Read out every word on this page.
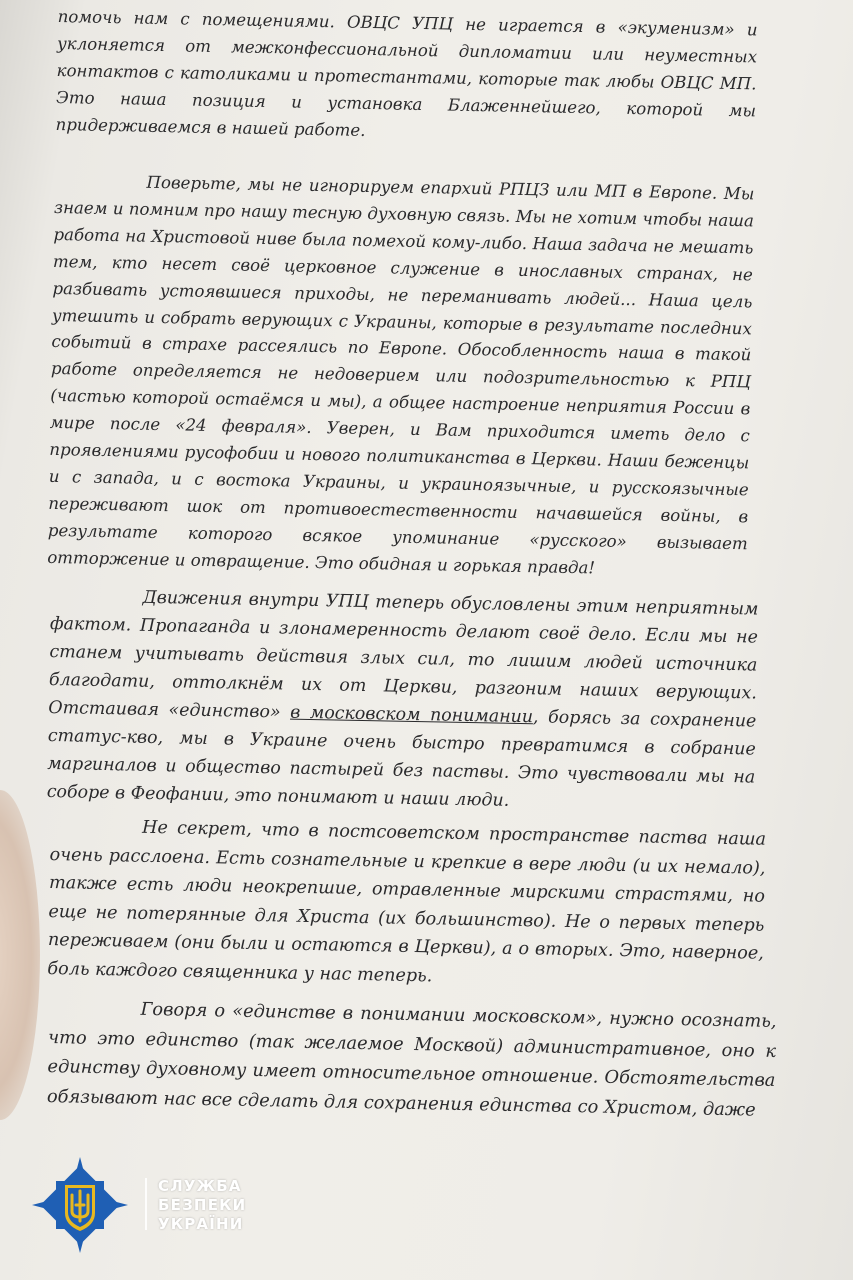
помочь нам с помещениями. ОВЦС УПЦ не играется в «экуменизм» и уклоняется от межконфессиональной дипломатии или неуместных контактов с католиками и протестантами, которые так любы ОВЦС МП. Это наша позиция и установка Блаженнейшего, которой мы придерживаемся в нашей работе.

Поверьте, мы не игнорируем епархий РПЦЗ или МП в Европе. Мы знаем и помним про нашу тесную духовную связь. Мы не хотим чтобы наша работа на Христовой ниве была помехой кому-либо. Наша задача не мешать тем, кто несет своё церковное служение в инославных странах, не разбивать устоявшиеся приходы, не переманивать людей... Наша цель утешить и собрать верующих с Украины, которые в результате последних событий в страхе рассеялись по Европе. Обособленность наша в такой работе определяется не недоверием или подозрительностью к РПЦ (частью которой остаёмся и мы), а общее настроение неприятия России в мире после «24 февраля». Уверен, и Вам приходится иметь дело с проявлениями русофобии и нового политиканства в Церкви. Наши беженцы и с запада, и с востока Украины, и украиноязычные, и русскоязычные переживают шок от противоестественности начавшейся войны, в результате которого всякое упоминание «русского» вызывает отторжение и отвращение. Это обидная и горькая правда!

Движения внутри УПЦ теперь обусловлены этим неприятным фактом. Пропаганда и злонамеренность делают своё дело. Если мы не станем учитывать действия злых сил, то лишим людей источника благодати, оттолкнём их от Церкви, разгоним наших верующих. Отстаивая «единство» в московском понимании, борясь за сохранение статус-кво, мы в Украине очень быстро превратимся в собрание маргиналов и общество пастырей без паствы. Это чувствовали мы на соборе в Феофании, это понимают и наши люди.

Не секрет, что в постсоветском пространстве паства наша очень расслоена. Есть сознательные и крепкие в вере люди (и их немало), также есть люди неокрепшие, отравленные мирскими страстями, но еще не потерянные для Христа (их большинство). Не о первых теперь переживаем (они были и остаются в Церкви), а о вторых. Это, наверное, боль каждого священника у нас теперь.

Говоря о «единстве в понимании московском», нужно осознать, что это единство (так желаемое Москвой) административное, оно к единству духовному имеет относительное отношение. Обстоятельства обязывают нас все сделать для сохранения единства со Христом, даже

СЛУЖБА
БЕЗПЕКИ
УКРАЇНИ
